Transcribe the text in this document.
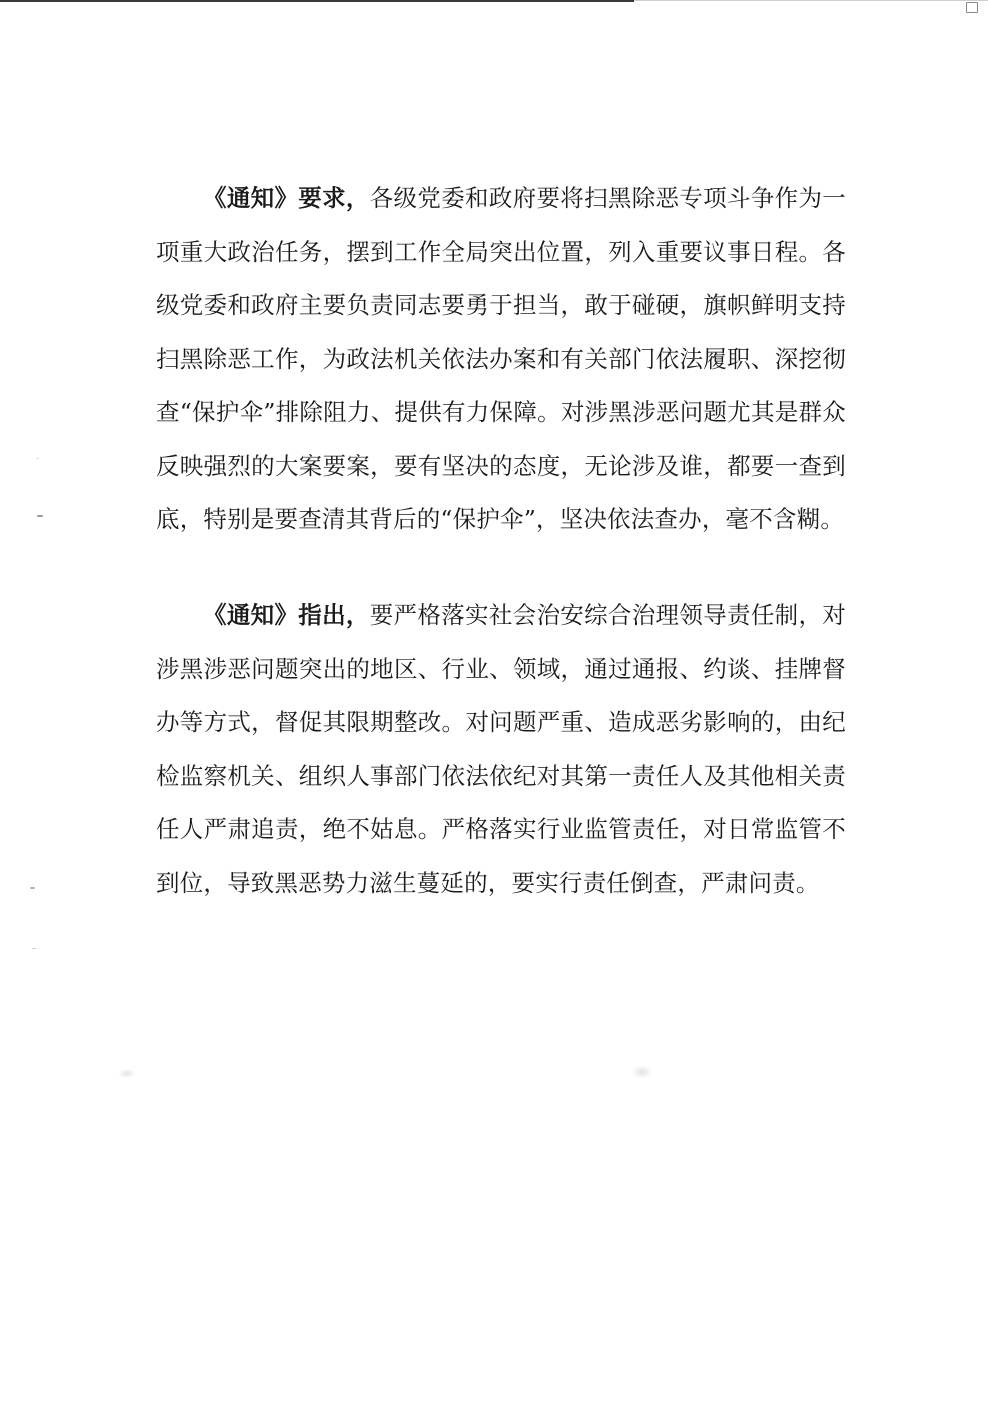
《通知》要求，各级党委和政府要将扫黑除恶专项斗争作为一项重大政治任务，摆到工作全局突出位置，列入重要议事日程。各级党委和政府主要负责同志要勇于担当，敢于碰硬，旗帜鲜明支持扫黑除恶工作，为政法机关依法办案和有关部门依法履职、深挖彻查“保护伞”排除阻力、提供有力保障。对涉黑涉恶问题尤其是群众反映强烈的大案要案，要有坚决的态度，无论涉及谁，都要一查到底，特别是要查清其背后的“保护伞”，坚决依法查办，毫不含糊。

《通知》指出，要严格落实社会治安综合治理领导责任制，对涉黑涉恶问题突出的地区、行业、领域，通过通报、约谈、挂牌督办等方式，督促其限期整改。对问题严重、造成恶劣影响的，由纪检监察机关、组织人事部门依法依纪对其第一责任人及其他相关责任人严肃追责，绝不姑息。严格落实行业监管责任，对日常监管不到位，导致黑恶势力滋生蔓延的，要实行责任倒查，严肃问责。
